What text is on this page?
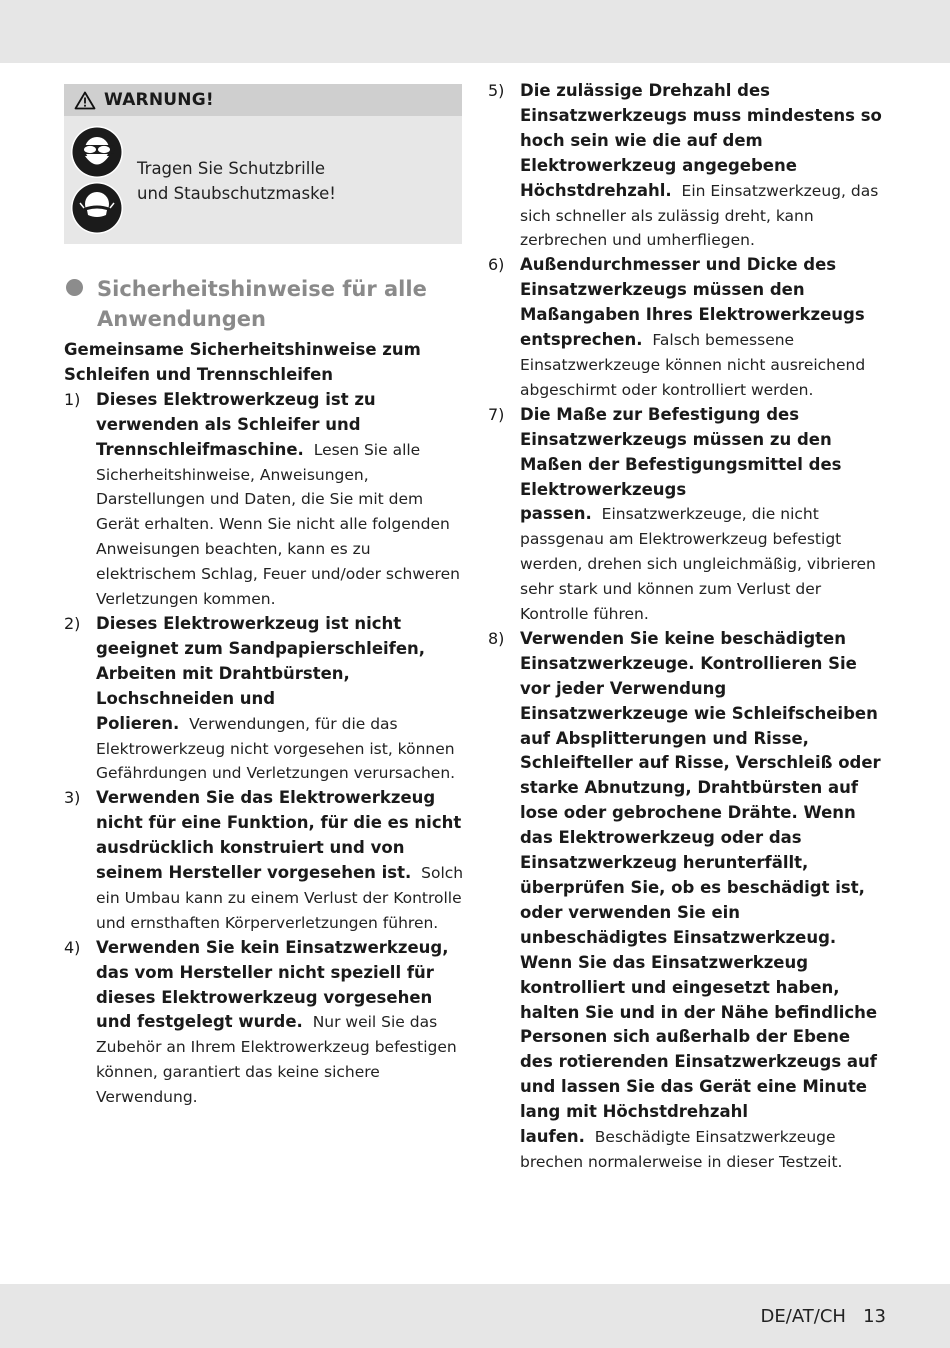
WARNUNG!
Tragen Sie Schutzbrille und Staubschutzmaske!
Sicherheitshinweise für alle Anwendungen
Gemeinsame Sicherheitshinweise zum Schleifen und Trennschleifen
1) Dieses Elektrowerkzeug ist zu verwenden als Schleifer und Trennschleifmaschine. Lesen Sie alle Sicherheitshinweise, Anweisungen, Darstellungen und Daten, die Sie mit dem Gerät erhalten. Wenn Sie nicht alle folgenden Anweisungen beachten, kann es zu elektrischem Schlag, Feuer und/oder schweren Verletzungen kommen.
2) Dieses Elektrowerkzeug ist nicht geeignet zum Sandpapierschleifen, Arbeiten mit Drahtbürsten, Lochschneiden und Polieren. Verwendungen, für die das Elektrowerkzeug nicht vorgesehen ist, können Gefährdungen und Verletzungen verursachen.
3) Verwenden Sie das Elektrowerkzeug nicht für eine Funktion, für die es nicht ausdrücklich konstruiert und von seinem Hersteller vorgesehen ist. Solch ein Umbau kann zu einem Verlust der Kontrolle und ernsthaften Körperverletzungen führen.
4) Verwenden Sie kein Einsatzwerkzeug, das vom Hersteller nicht speziell für dieses Elektrowerkzeug vorgesehen und festgelegt wurde. Nur weil Sie das Zubehör an Ihrem Elektrowerkzeug befestigen können, garantiert das keine sichere Verwendung.
5) Die zulässige Drehzahl des Einsatzwerkzeugs muss mindestens so hoch sein wie die auf dem Elektrowerkzeug angegebene Höchstdrehzahl. Ein Einsatzwerkzeug, das sich schneller als zulässig dreht, kann zerbrechen und umherfliegen.
6) Außendurchmesser und Dicke des Einsatzwerkzeugs müssen den Maßangaben Ihres Elektrowerkzeugs entsprechen. Falsch bemessene Einsatzwerkzeuge können nicht ausreichend abgeschirmt oder kontrolliert werden.
7) Die Maße zur Befestigung des Einsatzwerkzeugs müssen zu den Maßen der Befestigungsmittel des Elektrowerkzeugs passen. Einsatzwerkzeuge, die nicht passgenau am Elektrowerkzeug befestigt werden, drehen sich ungleichmäßig, vibrieren sehr stark und können zum Verlust der Kontrolle führen.
8) Verwenden Sie keine beschädigten Einsatzwerkzeuge. Kontrollieren Sie vor jeder Verwendung Einsatzwerkzeuge wie Schleifscheiben auf Absplitterungen und Risse, Schleifteller auf Risse, Verschleiß oder starke Abnutzung, Drahtbürsten auf lose oder gebrochene Drähte. Wenn das Elektrowerkzeug oder das Einsatzwerkzeug herunterfällt, überprüfen Sie, ob es beschädigt ist, oder verwenden Sie ein unbeschädigtes Einsatzwerkzeug. Wenn Sie das Einsatzwerkzeug kontrolliert und eingesetzt haben, halten Sie und in der Nähe befindliche Personen sich außerhalb der Ebene des rotierenden Einsatzwerkzeugs auf und lassen Sie das Gerät eine Minute lang mit Höchstdrehzahl laufen. Beschädigte Einsatzwerkzeuge brechen normalerweise in dieser Testzeit.
DE/AT/CH   13
